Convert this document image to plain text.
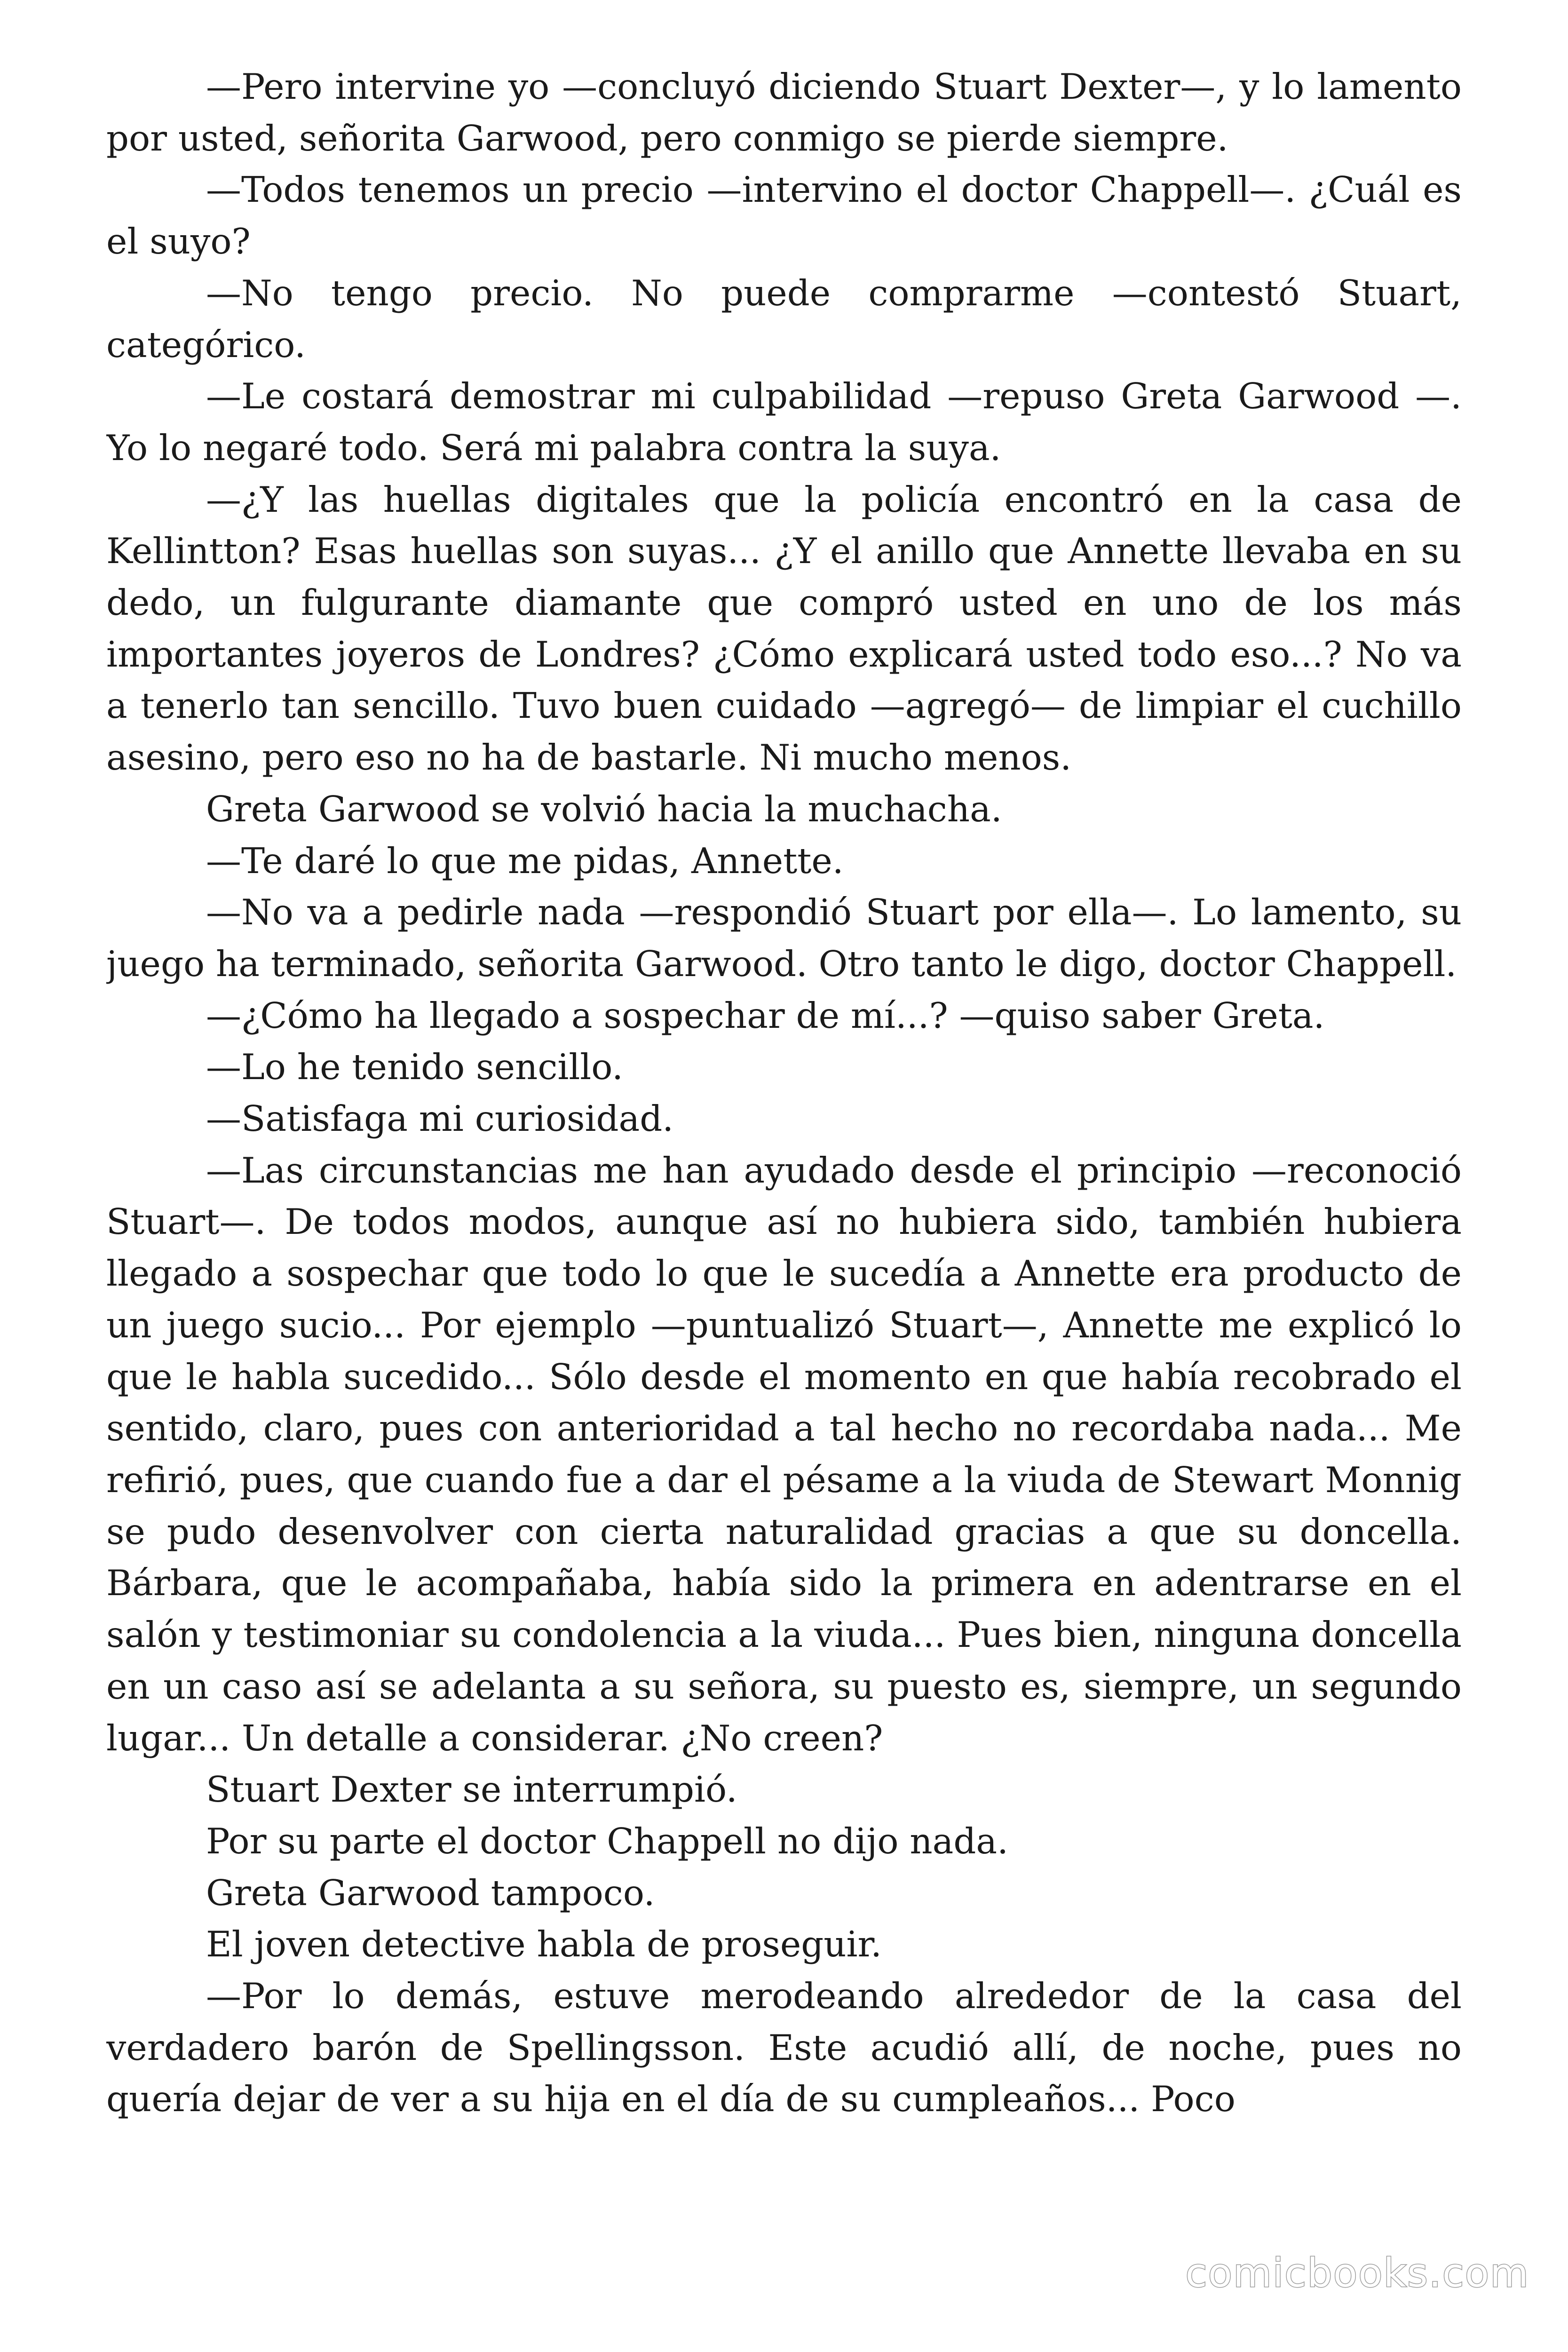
—Pero intervine yo —concluyó diciendo Stuart Dexter—, y lo lamento por usted, señorita Garwood, pero conmigo se pierde siempre.

—Todos tenemos un precio —intervino el doctor Chappell—. ¿Cuál es el suyo?

—No tengo precio. No puede comprarme —contestó Stuart, categórico.

—Le costará demostrar mi culpabilidad —repuso Greta Garwood —. Yo lo negaré todo. Será mi palabra contra la suya.

—¿Y las huellas digitales que la policía encontró en la casa de Kellintton? Esas huellas son suyas... ¿Y el anillo que Annette llevaba en su dedo, un fulgurante diamante que compró usted en uno de los más importantes joyeros de Londres? ¿Cómo explicará usted todo eso...? No va a tenerlo tan sencillo. Tuvo buen cuidado —agregó— de limpiar el cuchillo asesino, pero eso no ha de bastarle. Ni mucho menos.

Greta Garwood se volvió hacia la muchacha.

—Te daré lo que me pidas, Annette.

—No va a pedirle nada —respondió Stuart por ella—. Lo lamento, su juego ha terminado, señorita Garwood. Otro tanto le digo, doctor Chappell.

—¿Cómo ha llegado a sospechar de mí...? —quiso saber Greta.

—Lo he tenido sencillo.

—Satisfaga mi curiosidad.

—Las circunstancias me han ayudado desde el principio —reconoció Stuart—. De todos modos, aunque así no hubiera sido, también hubiera llegado a sospechar que todo lo que le sucedía a Annette era producto de un juego sucio... Por ejemplo —puntualizó Stuart—, Annette me explicó lo que le habla sucedido... Sólo desde el momento en que había recobrado el sentido, claro, pues con anterioridad a tal hecho no recordaba nada... Me refirió, pues, que cuando fue a dar el pésame a la viuda de Stewart Monnig se pudo desenvolver con cierta naturalidad gracias a que su doncella. Bárbara, que le acompañaba, había sido la primera en adentrarse en el salón y testimoniar su condolencia a la viuda... Pues bien, ninguna doncella en un caso así se adelanta a su señora, su puesto es, siempre, un segundo lugar... Un detalle a considerar. ¿No creen?

Stuart Dexter se interrumpió.

Por su parte el doctor Chappell no dijo nada.

Greta Garwood tampoco.

El joven detective habla de proseguir.

—Por lo demás, estuve merodeando alrededor de la casa del verdadero barón de Spellingsson. Este acudió allí, de noche, pues no quería dejar de ver a su hija en el día de su cumpleaños... Poco

comicbooks.com
